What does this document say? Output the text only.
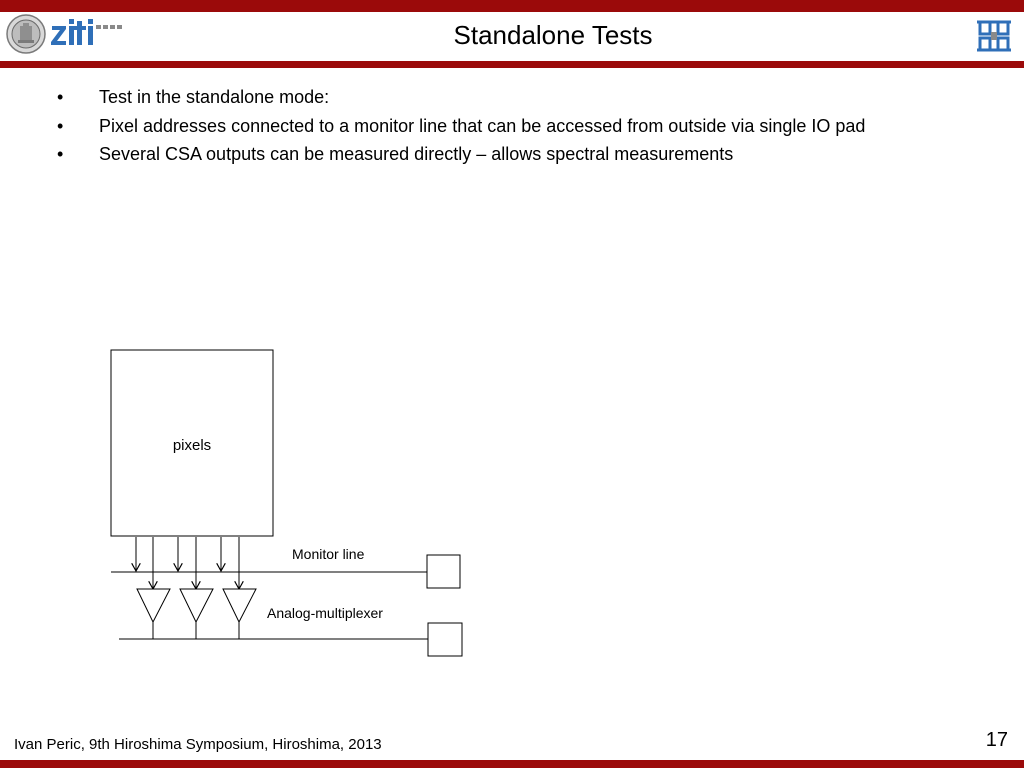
Standalone Tests
• Test in the standalone mode:
• Pixel addresses connected to a monitor line that can be accessed from outside via single IO pad
• Several CSA outputs can be measured directly – allows spectral measurements
pixels
Monitor line
Analog-multiplexer
Ivan Peric, 9th Hiroshima Symposium, Hiroshima, 2013	17
